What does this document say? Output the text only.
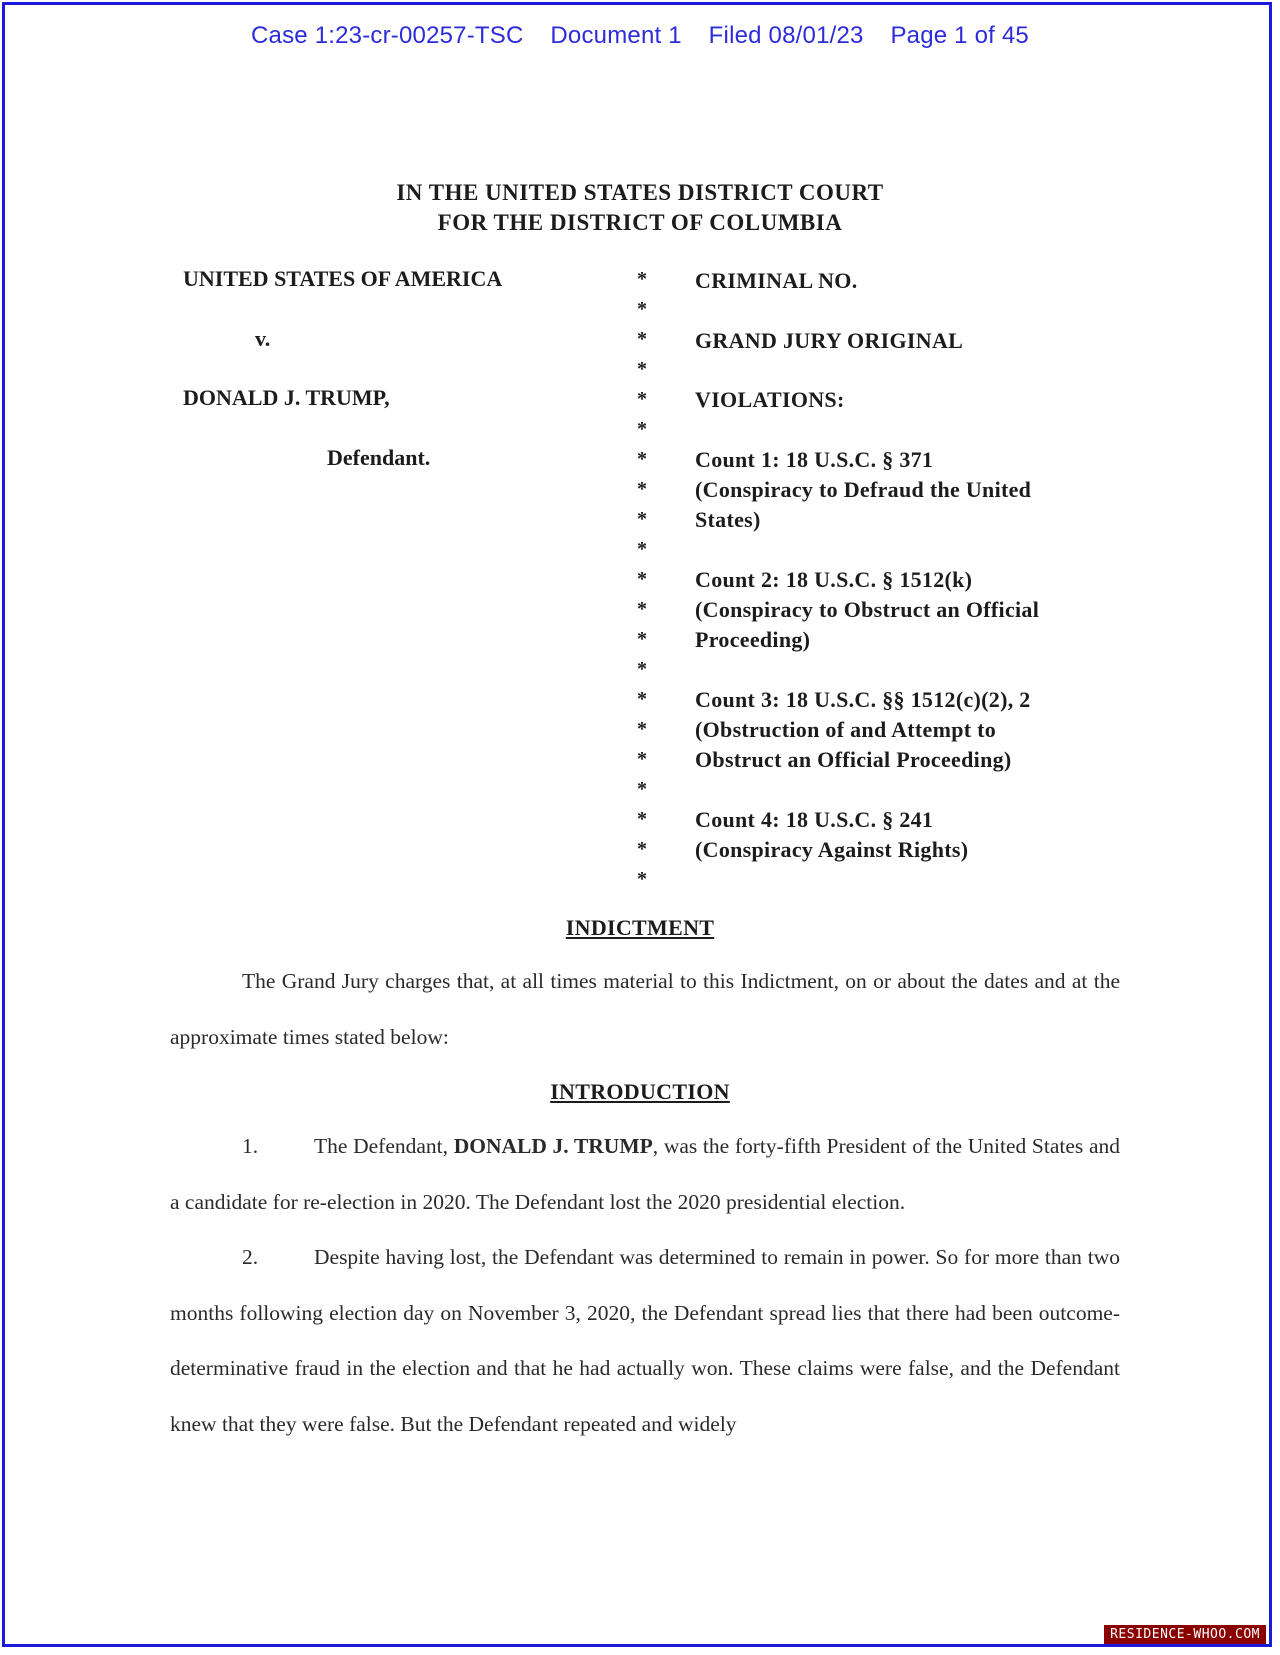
Case 1:23-cr-00257-TSC Document 1 Filed 08/01/23 Page 1 of 45
IN THE UNITED STATES DISTRICT COURT
FOR THE DISTRICT OF COLUMBIA
UNITED STATES OF AMERICA
v.
DONALD J. TRUMP,
Defendant.
*
*
*
*
*
*
*
*
*
*
*
*
*
*
*
*
*
*
*
*
*
CRIMINAL NO.
GRAND JURY ORIGINAL
VIOLATIONS:
Count 1: 18 U.S.C. § 371
(Conspiracy to Defraud the United
States)
Count 2: 18 U.S.C. § 1512(k)
(Conspiracy to Obstruct an Official
Proceeding)
Count 3: 18 U.S.C. §§ 1512(c)(2), 2
(Obstruction of and Attempt to
Obstruct an Official Proceeding)
Count 4: 18 U.S.C. § 241
(Conspiracy Against Rights)
INDICTMENT
The Grand Jury charges that, at all times material to this Indictment, on or about the dates and at the approximate times stated below:
INTRODUCTION
1.	The Defendant, DONALD J. TRUMP, was the forty-fifth President of the United States and a candidate for re-election in 2020. The Defendant lost the 2020 presidential election.
2.	Despite having lost, the Defendant was determined to remain in power. So for more than two months following election day on November 3, 2020, the Defendant spread lies that there had been outcome-determinative fraud in the election and that he had actually won. These claims were false, and the Defendant knew that they were false. But the Defendant repeated and widely
RESIDENCE-WHOO.COM
